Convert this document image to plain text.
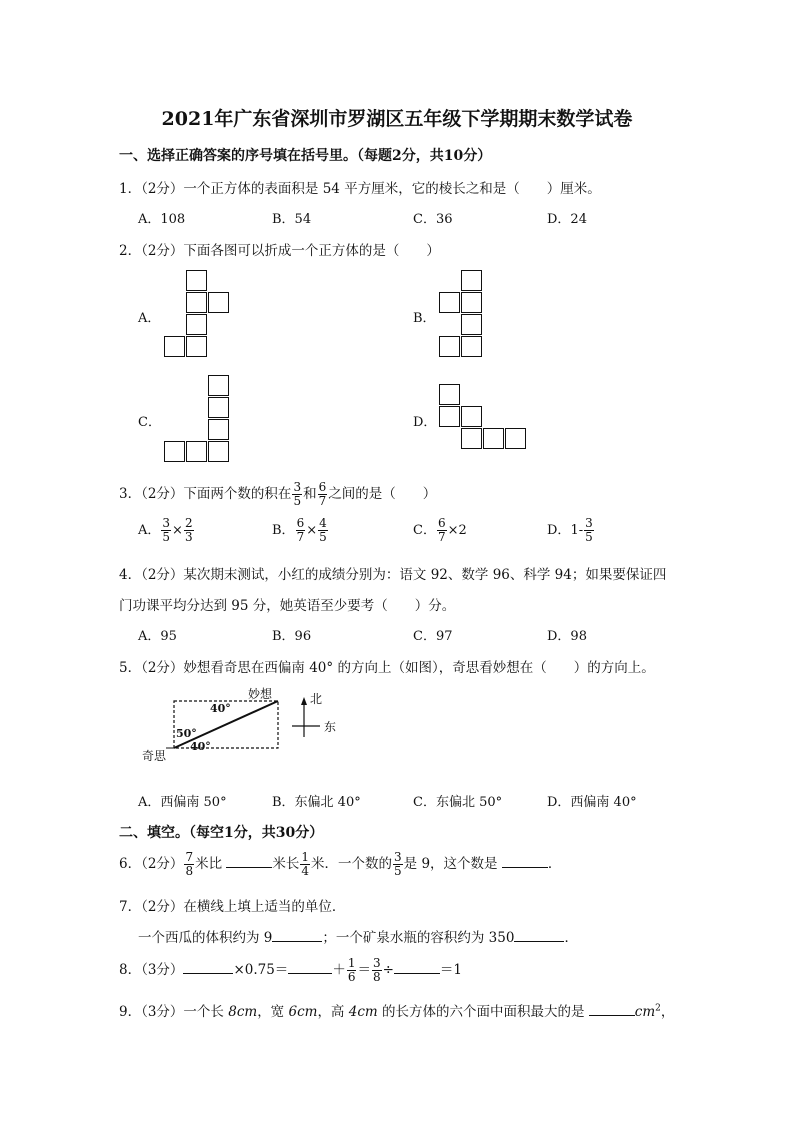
2021年广东省深圳市罗湖区五年级下学期期末数学试卷
一、选择正确答案的序号填在括号里。（每题2分，共10分）
1．（2分）一个正方体的表面积是 54 平方厘米，它的棱长之和是（　　）厘米。
A．108	B．54	C．36	D．24
2．（2分）下面各图可以折成一个正方体的是（　　）
A．	B．
C．	D．
3．（2分）下面两个数的积在 $\frac{3}{5}$ 和 $\frac{6}{7}$ 之间的是（　　）
A． $\frac{3}{5} \times \frac{2}{3}$	B． $\frac{6}{7} \times \frac{4}{5}$	C． $\frac{6}{7} \times 2$	D．$1- \frac{3}{5}$
4．（2分）某次期末测试，小红的成绩分别为：语文 92、数学 96、科学 94；如果要保证四
门功课平均分达到 95 分，她英语至少要考（　　）分。
A．95	B．96	C．97	D．98
5．（2分）妙想看奇思在西偏南 40° 的方向上（如图），奇思看妙想在（　　）的方向上。
妙想
奇思
40°
50°
40°
北
东
A．西偏南 50°	B．东偏北 40°	C．东偏北 50°	D．西偏南 40°
二、填空。（每空1分，共30分）
6．（2分） $\frac{7}{8}$ 米比	米长 $\frac{1}{4}$ 米．一个数的 $\frac{3}{5}$ 是 9，这个数是	．
7．（2分）在横线上填上适当的单位．
一个西瓜的体积约为 9	；一个矿泉水瓶的容积约为 350	．
8．（3分）	×0.75＝	＋ $\frac{1}{6} = \frac{3}{8}$ ÷	＝1
9．（3分）一个长 8cm，宽 6cm，高 4cm 的长方体的六个面中面积最大的是	$cm^2$，
